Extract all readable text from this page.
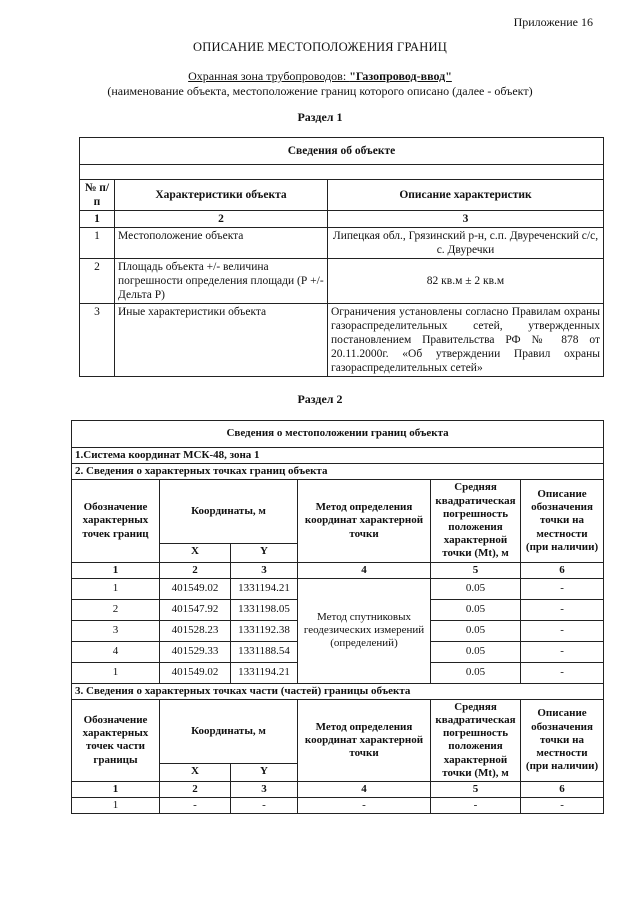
Приложение 16
ОПИСАНИЕ МЕСТОПОЛОЖЕНИЯ ГРАНИЦ
Охранная зона трубопроводов: "Газопровод-ввод"
(наименование объекта, местоположение границ которого описано (далее - объект)
Раздел 1
Сведения об объекте		

№ п/п	Характеристики объекта	Описание характеристик
1	2	3
1	Местоположение объекта	Липецкая обл., Грязинский р-н, с.п. Двуреченский с/с, с. Двуречки
2	Площадь объекта +/- величина погрешности определения площади (Р +/- Дельта Р)	82 кв.м ± 2 кв.м
3	Иные характеристики объекта	Ограничения установлены согласно Правилам охраны газораспределительных сетей, утвержденных постановлением Правительства РФ № 878 от 20.11.2000г. «Об утверждении Правил охраны газораспределительных сетей»
Раздел 2
Сведения о местоположении границ объекта					
1.Система координат МСК-48, зона 1					
2. Сведения о характерных точках границ объекта					
Обозначение характерных точек границ	Координаты, м		Метод определения координат характерной точки	Средняя квадратическая погрешность положения характерной точки (Mt), м	Описание обозначения точки на местности (при наличии)
	X	Y			
1	2	3	4	5	6
1	401549.02	1331194.21	Метод спутниковых геодезических измерений (определений)	0.05	-
2	401547.92	1331198.05		0.05	-
3	401528.23	1331192.38		0.05	-
4	401529.33	1331188.54		0.05	-
1	401549.02	1331194.21		0.05	-
3. Сведения о характерных точках части (частей) границы объекта					
Обозначение характерных точек части границы	Координаты, м		Метод определения координат характерной точки	Средняя квадратическая погрешность положения характерной точки (Mt), м	Описание обозначения точки на местности (при наличии)
	X	Y			
1	2	3	4	5	6
1	-	-	-	-	-
